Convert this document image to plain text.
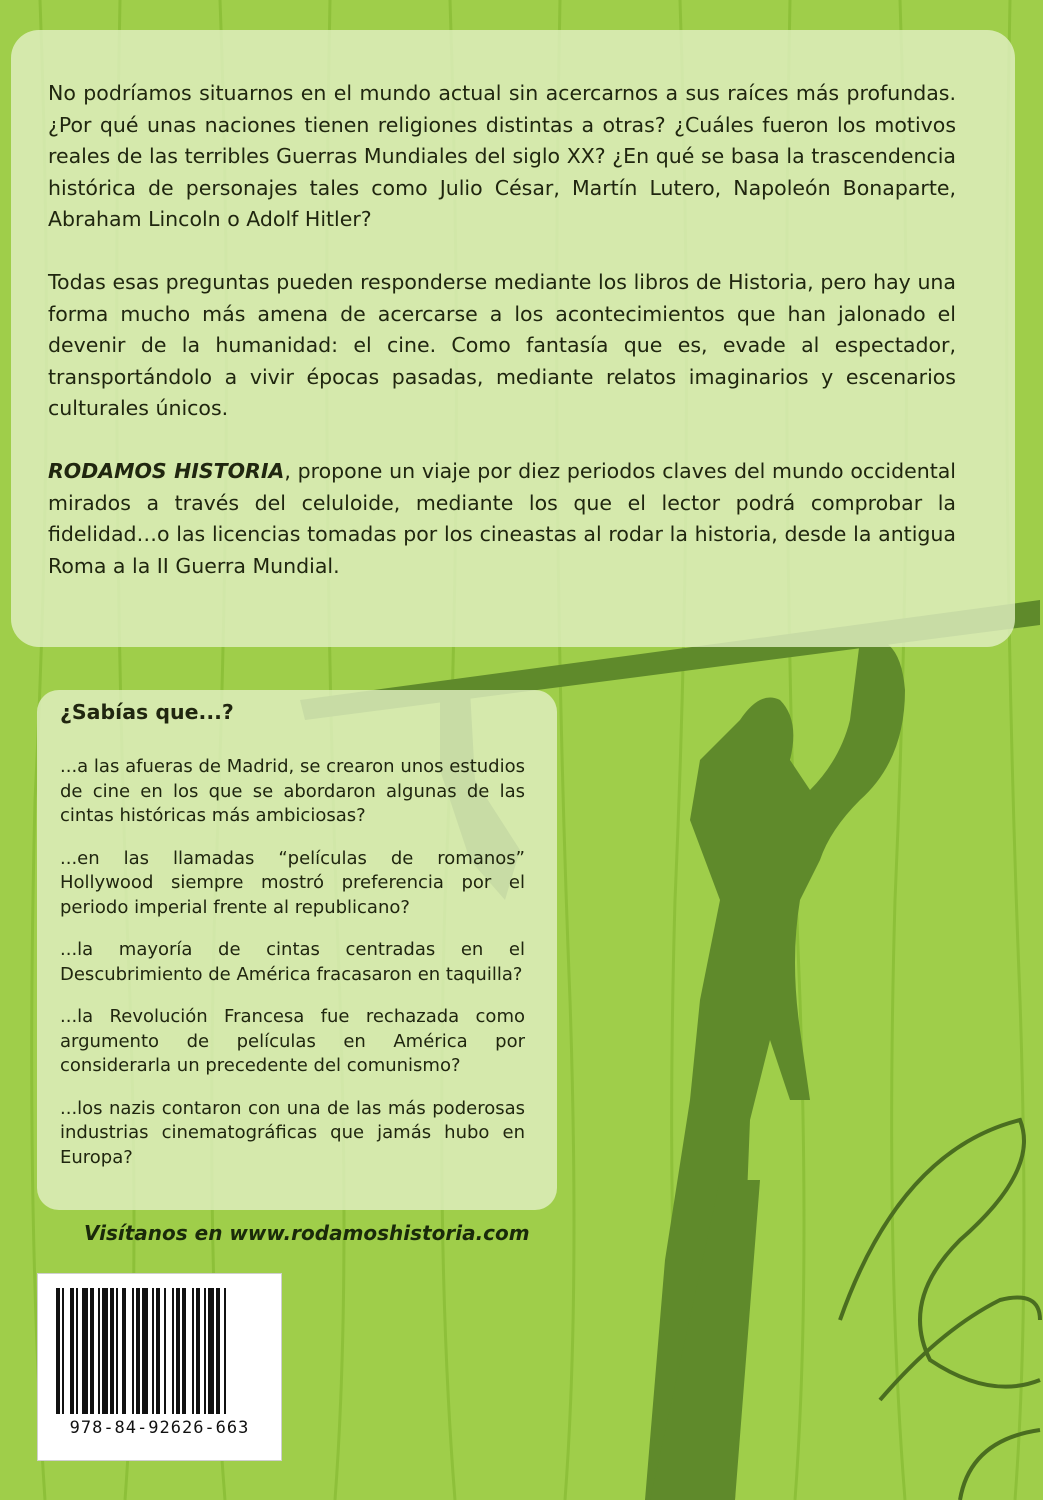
No podríamos situarnos en el mundo actual sin acercarnos a sus raíces más profundas. ¿Por qué unas naciones tienen religiones distintas a otras? ¿Cuáles fueron los motivos reales de las terribles Guerras Mundiales del siglo XX? ¿En qué se basa la trascendencia histórica de personajes tales como Julio César, Martín Lutero, Napoleón Bonaparte, Abraham Lincoln o Adolf Hitler?

Todas esas preguntas pueden responderse mediante los libros de Historia, pero hay una forma mucho más amena de acercarse a los acontecimientos que han jalonado el devenir de la humanidad: el cine. Como fantasía que es, evade al espectador, transportándolo a vivir épocas pasadas, mediante relatos imaginarios y escenarios culturales únicos.

RODAMOS HISTORIA, propone un viaje por diez periodos claves del mundo occidental mirados a través del celuloide, mediante los que el lector podrá comprobar la fidelidad…o las licencias tomadas por los cineastas al rodar la historia, desde la antigua Roma a la II Guerra Mundial.

¿Sabías que...?

...a las afueras de Madrid, se crearon unos estudios de cine en los que se abordaron algunas de las cintas históricas más ambiciosas?

...en las llamadas “películas de romanos” Hollywood siempre mostró preferencia por el periodo imperial frente al republicano?

...la mayoría de cintas centradas en el Descubrimiento de América fracasaron en taquilla?

...la Revolución Francesa fue rechazada como argumento de películas en América por considerarla un precedente del comunismo?

...los nazis contaron con una de las más poderosas industrias cinematográficas que jamás hubo en Europa?

Visítanos en www.rodamoshistoria.com
978-84-92626-663
